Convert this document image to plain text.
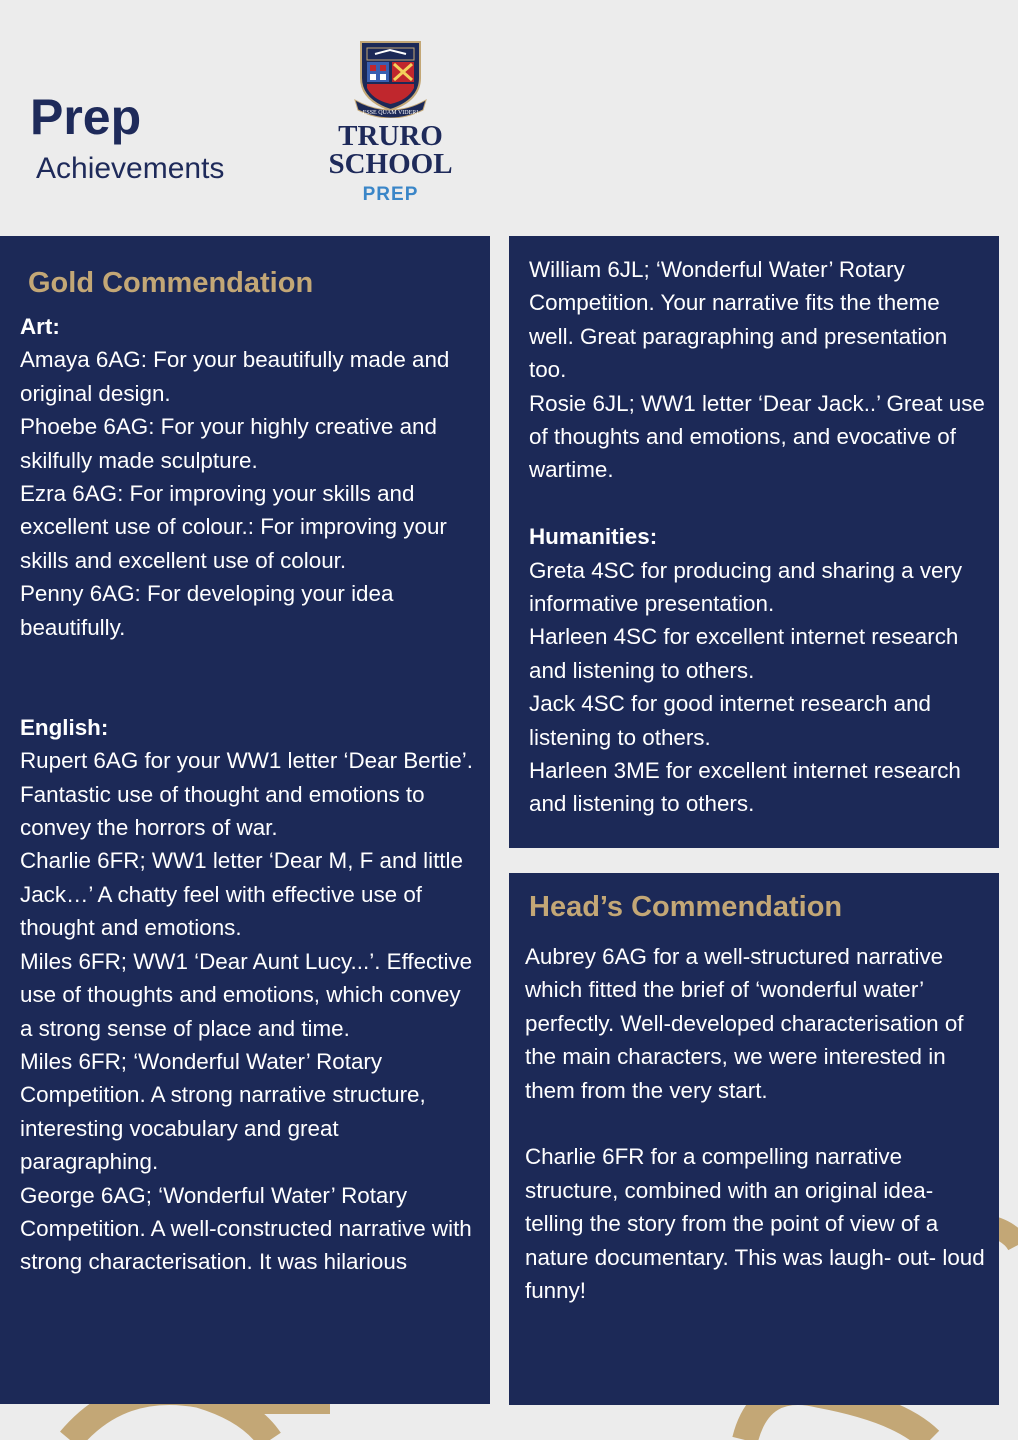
Prep
Achievements
ESSE QUAM VIDERI
TRURO
SCHOOL
PREP
Gold Commendation

Art:

Amaya 6AG: For your beautifully made and original design.

Phoebe 6AG: For your highly creative and skilfully made sculpture.

Ezra 6AG: For improving your skills and excellent use of colour.: For improving your skills and excellent use of colour.

Penny 6AG: For developing your idea beautifully.

English:

Rupert 6AG for your WW1 letter ‘Dear Bertie’. Fantastic use of thought and emotions to convey the horrors of war.

Charlie 6FR; WW1 letter ‘Dear M, F and little Jack…’ A chatty feel with effective use of thought and emotions.

Miles 6FR; WW1 ‘Dear Aunt Lucy...’. Effective use of thoughts and emotions, which convey a strong sense of place and time.

Miles 6FR; ‘Wonderful Water’ Rotary Competition. A strong narrative structure, interesting vocabulary and great paragraphing.

George 6AG; ‘Wonderful Water’ Rotary Competition. A well-constructed narrative with strong characterisation. It was hilarious

William 6JL; ‘Wonderful Water’ Rotary Competition. Your narrative fits the theme well. Great paragraphing and presentation too.

Rosie 6JL; WW1 letter ‘Dear Jack..’ Great use of thoughts and emotions, and evocative of wartime.

Humanities:

Greta 4SC for producing and sharing a very informative presentation.

Harleen 4SC for excellent internet research and listening to others.

Jack 4SC for good internet research and listening to others.

Harleen 3ME for excellent internet research and listening to others.

Head’s Commendation

Aubrey 6AG for a well-structured narrative which fitted the brief of ‘wonderful water’ perfectly. Well-developed characterisation of the main characters, we were interested in them from the very start.

Charlie 6FR for a compelling narrative structure, combined with an original idea- telling the story from the point of view of a nature documentary. This was laugh- out- loud funny!
